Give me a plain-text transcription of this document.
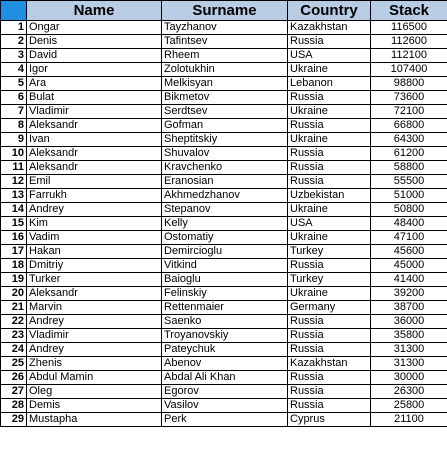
	Name	Surname	Country	Stack
1	Ongar	Tayzhanov	Kazakhstan	116500
2	Denis	Tafintsev	Russia	112600
3	David	Rheem	USA	112100
4	Igor	Zolotukhin	Ukraine	107400
5	Ara	Melkisyan	Lebanon	98800
6	Bulat	Bikmetov	Russia	73600
7	Vladimir	Serdtsev	Ukraine	72100
8	Aleksandr	Gofman	Russia	66800
9	Ivan	Sheptitskiy	Ukraine	64300
10	Aleksandr	Shuvalov	Russia	61200
11	Aleksandr	Kravchenko	Russia	58800
12	Emil	Eranosian	Russia	55500
13	Farrukh	Akhmedzhanov	Uzbekistan	51000
14	Andrey	Stepanov	Ukraine	50800
15	Kim	Kelly	USA	48400
16	Vadim	Ostomatiy	Ukraine	47100
17	Hakan	Demircioglu	Turkey	45600
18	Dmitriy	Vitkind	Russia	45000
19	Turker	Baioglu	Turkey	41400
20	Aleksandr	Felinskiy	Ukraine	39200
21	Marvin	Rettenmaier	Germany	38700
22	Andrey	Saenko	Russia	36000
23	Vladimir	Troyanovskiy	Russia	35800
24	Andrey	Pateychuk	Russia	31300
25	Zhenis	Abenov	Kazakhstan	31300
26	Abdul Mamin	Abdal Ali Khan	Russia	30000
27	Oleg	Egorov	Russia	26300
28	Demis	Vasilov	Russia	25800
29	Mustapha	Perk	Cyprus	21100
